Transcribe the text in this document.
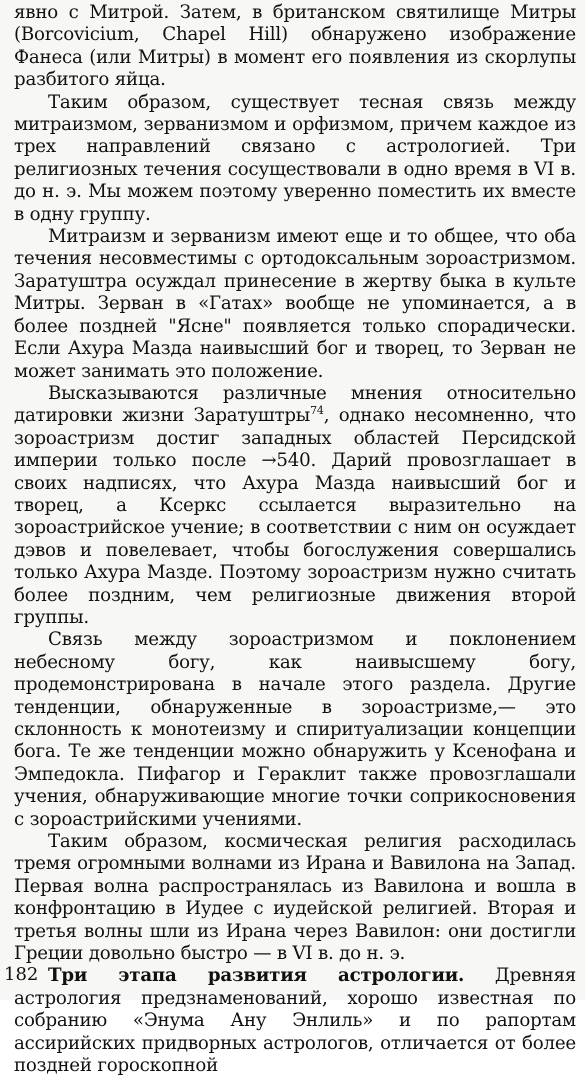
явно с Митрой. Затем, в британском святилище Митры (Borcovicium, Chapel Hill) обнаружено изображение Фанеса (или Митры) в момент его появления из скорлупы разбитого яйца.

Таким образом, существует тесная связь между митраизмом, зерванизмом и орфизмом, причем каждое из трех направлений связано с астрологией. Три религиозных течения сосуществовали в одно время в VI в. до н. э. Мы можем поэтому уверенно поместить их вместе в одну группу.

Митраизм и зерванизм имеют еще и то общее, что оба течения несовместимы с ортодоксальным зороастризмом. Заратуштра осуждал принесение в жертву быка в культе Митры. Зерван в «Гатах» вообще не упоминается, а в более поздней "Ясне" появляется только спорадически. Если Ахура Мазда наивысший бог и творец, то Зерван не может занимать это положение.

Высказываются различные мнения относительно датировки жизни Заратуштры$^{74}$, однако несомненно, что зороастризм достиг западных областей Персидской империи только после →540. Дарий провозглашает в своих надписях, что Ахура Мазда наивысший бог и творец, а Ксеркс ссылается выразительно на зороастрийское учение; в соответствии с ним он осуждает дэвов и повелевает, чтобы богослужения совершались только Ахура Мазде. Поэтому зороастризм нужно считать более поздним, чем религиозные движения второй группы.

Связь между зороастризмом и поклонением небесному богу, как наивысшему богу, продемонстрирована в начале этого раздела. Другие тенденции, обнаруженные в зороастризме,— это склонность к монотеизму и спиритуализации концепции бога. Те же тенденции можно обнаружить у Ксенофана и Эмпедокла. Пифагор и Гераклит также провозглашали учения, обнаруживающие многие точки соприкосновения с зороастрийскими учениями.

Таким образом, космическая религия расходилась тремя огромными волнами из Ирана и Вавилона на Запад. Первая волна распространялась из Вавилона и вошла в конфронтацию в Иудее с иудейской религией. Вторая и третья волны шли из Ирана через Вавилон: они достигли Греции довольно быстро — в VI в. до н. э.

Три этапа развития астрологии. Древняя астрология предзнаменований, хорошо известная по собранию «Энума Ану Энлиль» и по рапортам ассирийских придворных астрологов, отличается от более поздней гороскопной

182
